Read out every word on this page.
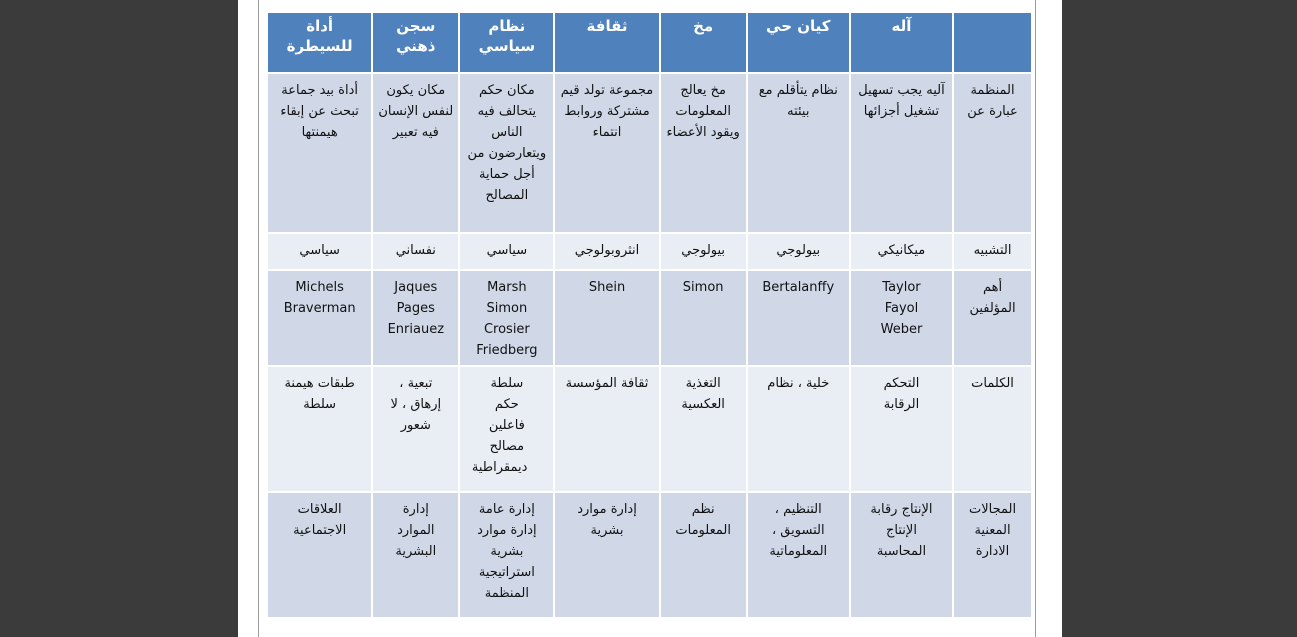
	آله	كيان حي	مخ	ثقافة	نظام سياسي	سجن ذهني	أداة للسيطرة
المنظمة عبارة عن	آليه يجب تسهيل تشغيل أجزائها	نظام يتأقلم مع بيئته	مخ يعالج المعلومات ويقود الأعضاء	مجموعة تولد قيم مشتركة وروابط انتماء	مكان حكم يتحالف فيه الناس ويتعارضون من أجل حماية المصالح	مكان يكون لنفس الإنسان فيه تعبير	أداة بيد جماعة تبحث عن إبقاء هيمنتها
التشبيه	ميكانيكي	بيولوجي	بيولوجي	انثروبولوجي	سياسي	نفساني	سياسي
أهم المؤلفين	Taylor Fayol Weber	Bertalanffy	Simon	Shein	Marsh Simon Crosier Friedberg	Jaques Pages Enriauez	Michels Braverman
الكلمات	التحكم الرقابة	خلية ، نظام	التغذية العكسية	ثقافة المؤسسة	سلطة حكم فاعلين مصالح ديمقراطية	تبعية ، إرهاق ، لا شعور	طبقات هيمنة سلطة
المجالات المعنية الادارة	الإنتاج رقابة الإنتاج المحاسبة	التنظيم ، التسويق ، المعلوماتية	نظم المعلومات	إدارة موارد بشرية	إدارة عامة إدارة موارد بشرية استراتيجية المنظمة	إدارة الموارد البشرية	العلاقات الاجتماعية
